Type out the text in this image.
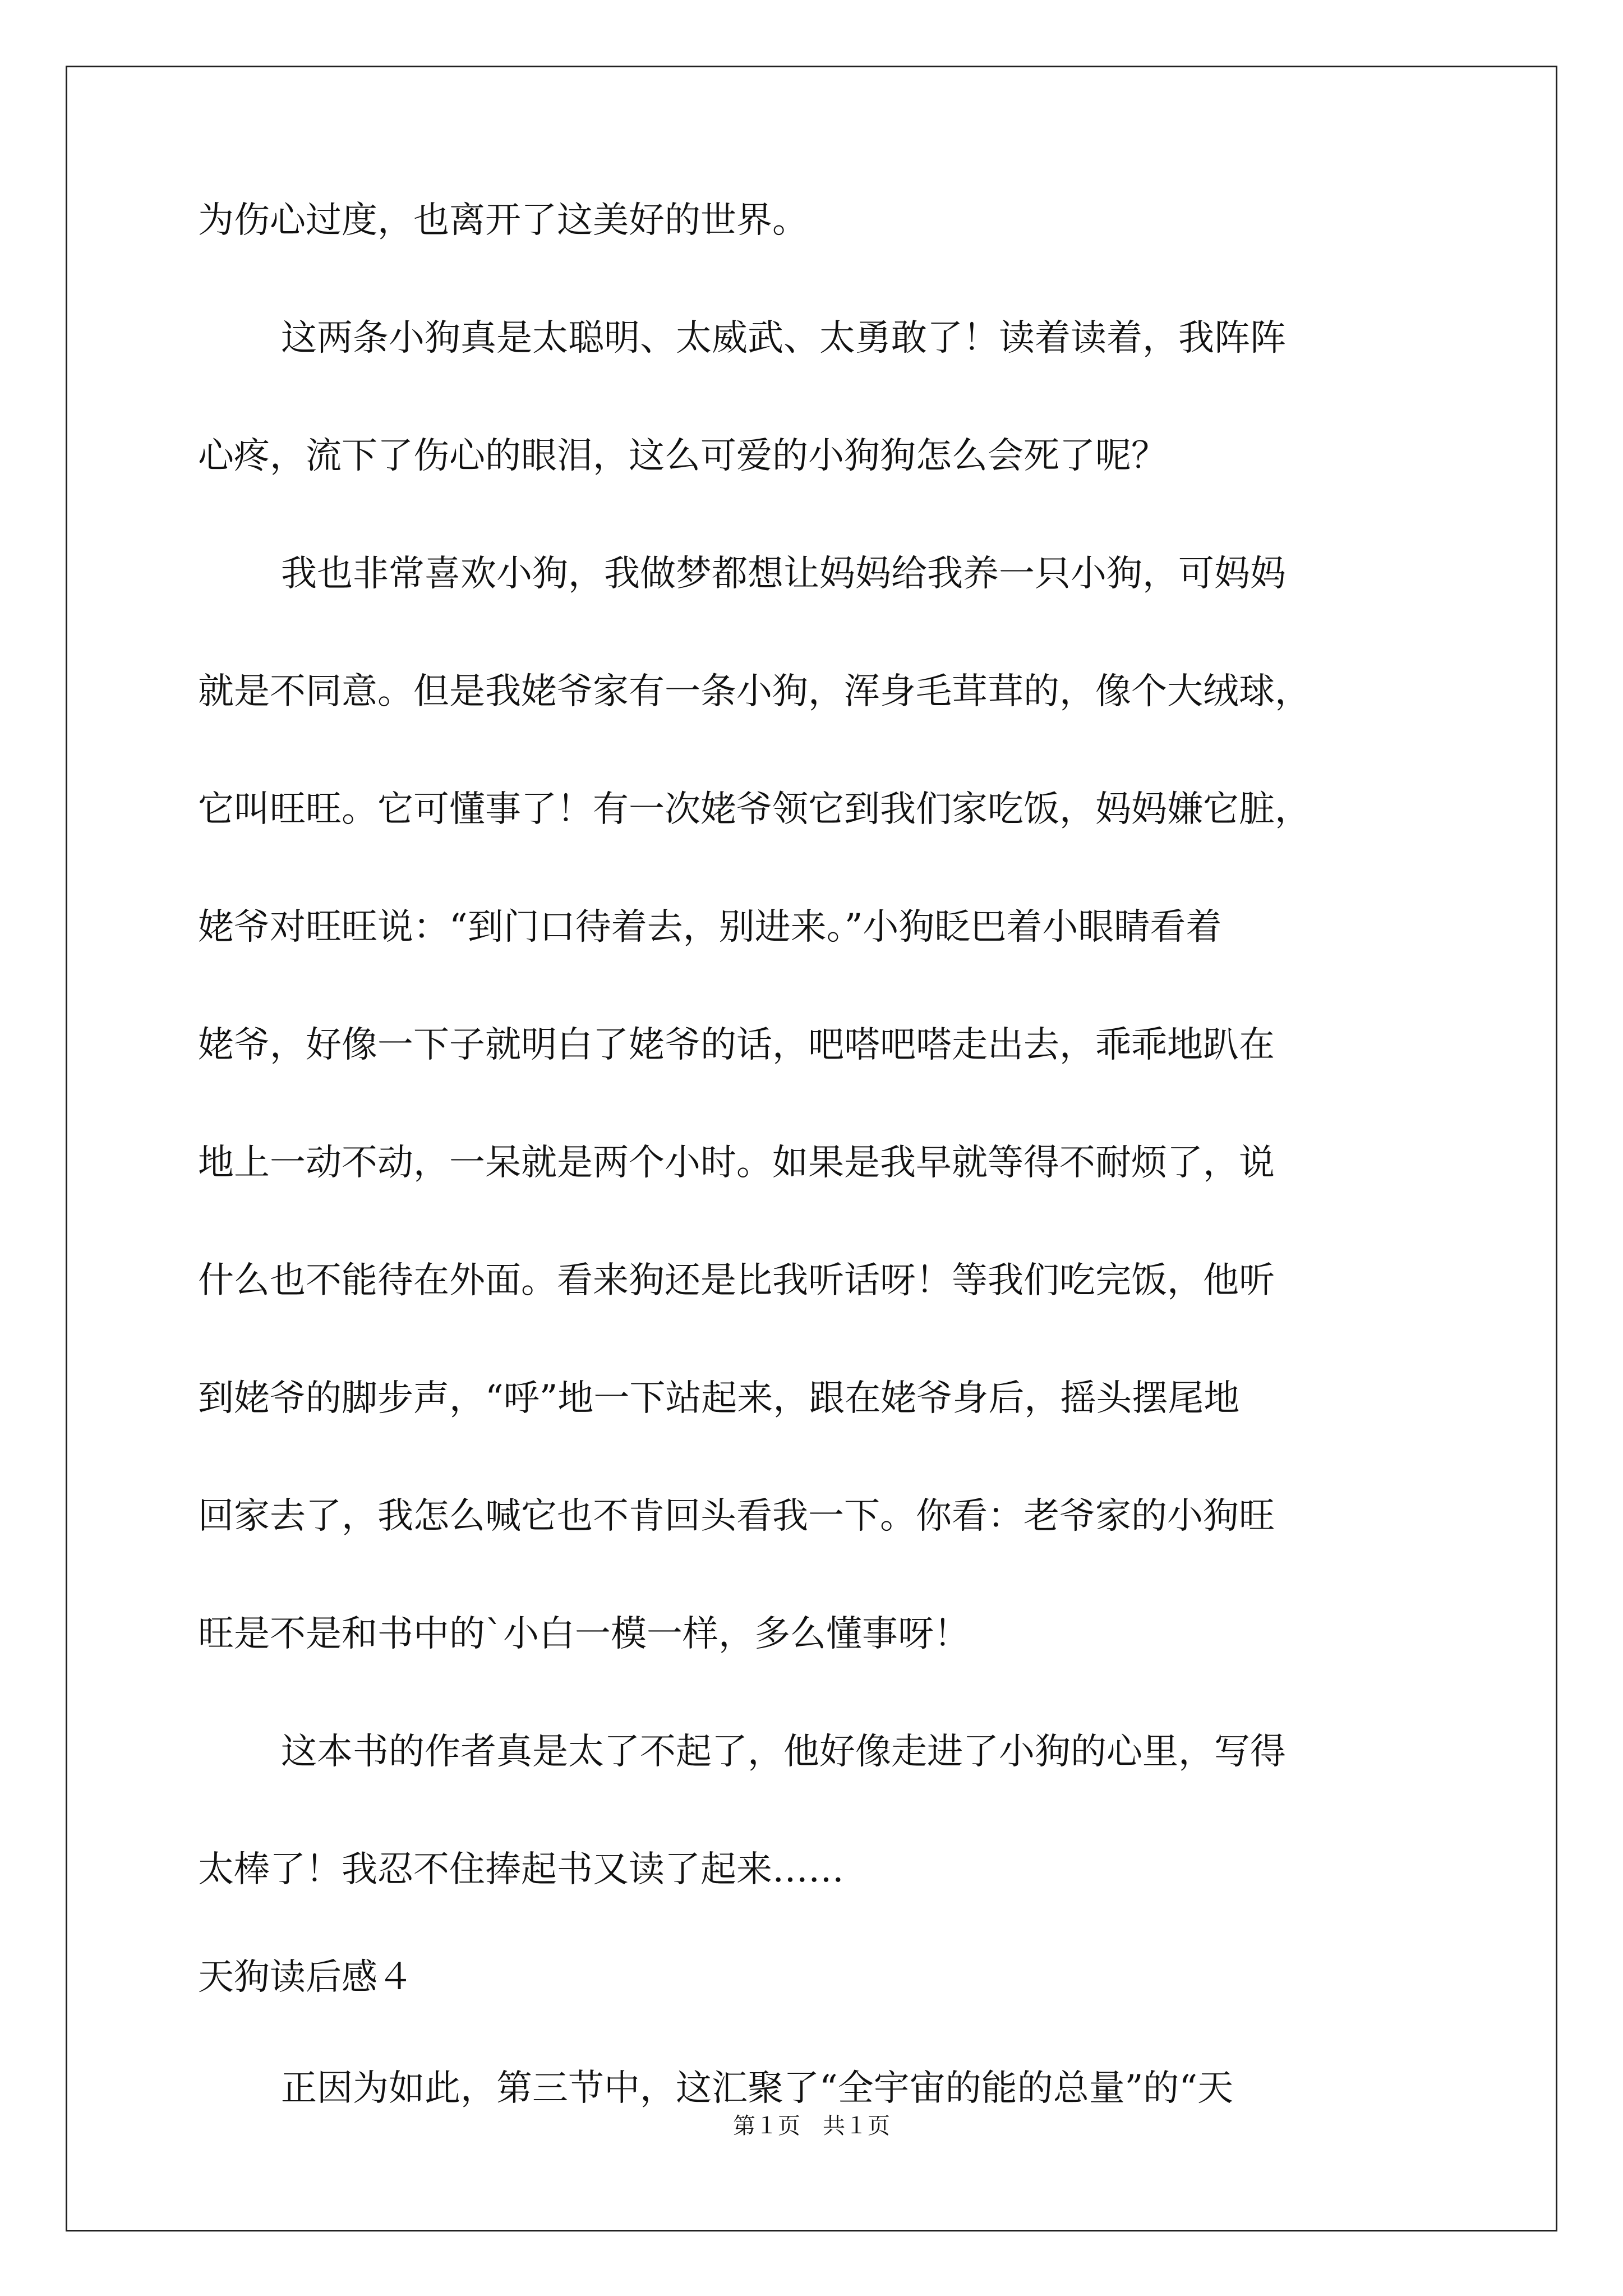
为伤心过度，也离开了这美好的世界。
这两条小狗真是太聪明、太威武、太勇敢了！读着读着，我阵阵
心疼，流下了伤心的眼泪，这么可爱的小狗狗怎么会死了呢？
我也非常喜欢小狗，我做梦都想让妈妈给我养一只小狗，可妈妈
就是不同意。但是我姥爷家有一条小狗，浑身毛茸茸的，像个大绒球，
它叫旺旺。它可懂事了！有一次姥爷领它到我们家吃饭，妈妈嫌它脏，
姥爷对旺旺说：“到门口待着去，别进来。”小狗眨巴着小眼睛看着
姥爷，好像一下子就明白了姥爷的话，吧嗒吧嗒走出去，乖乖地趴在
地上一动不动，一呆就是两个小时。如果是我早就等得不耐烦了，说
什么也不能待在外面。看来狗还是比我听话呀！等我们吃完饭，他听
到姥爷的脚步声，“呼”地一下站起来，跟在姥爷身后，摇头摆尾地
回家去了，我怎么喊它也不肯回头看我一下。你看：老爷家的小狗旺
旺是不是和书中的`小白一模一样，多么懂事呀！
这本书的作者真是太了不起了，他好像走进了小狗的心里，写得
太棒了！我忍不住捧起书又读了起来……
天狗读后感４
正因为如此，第三节中，这汇聚了“全宇宙的能的总量”的“天
第１页　共１页
